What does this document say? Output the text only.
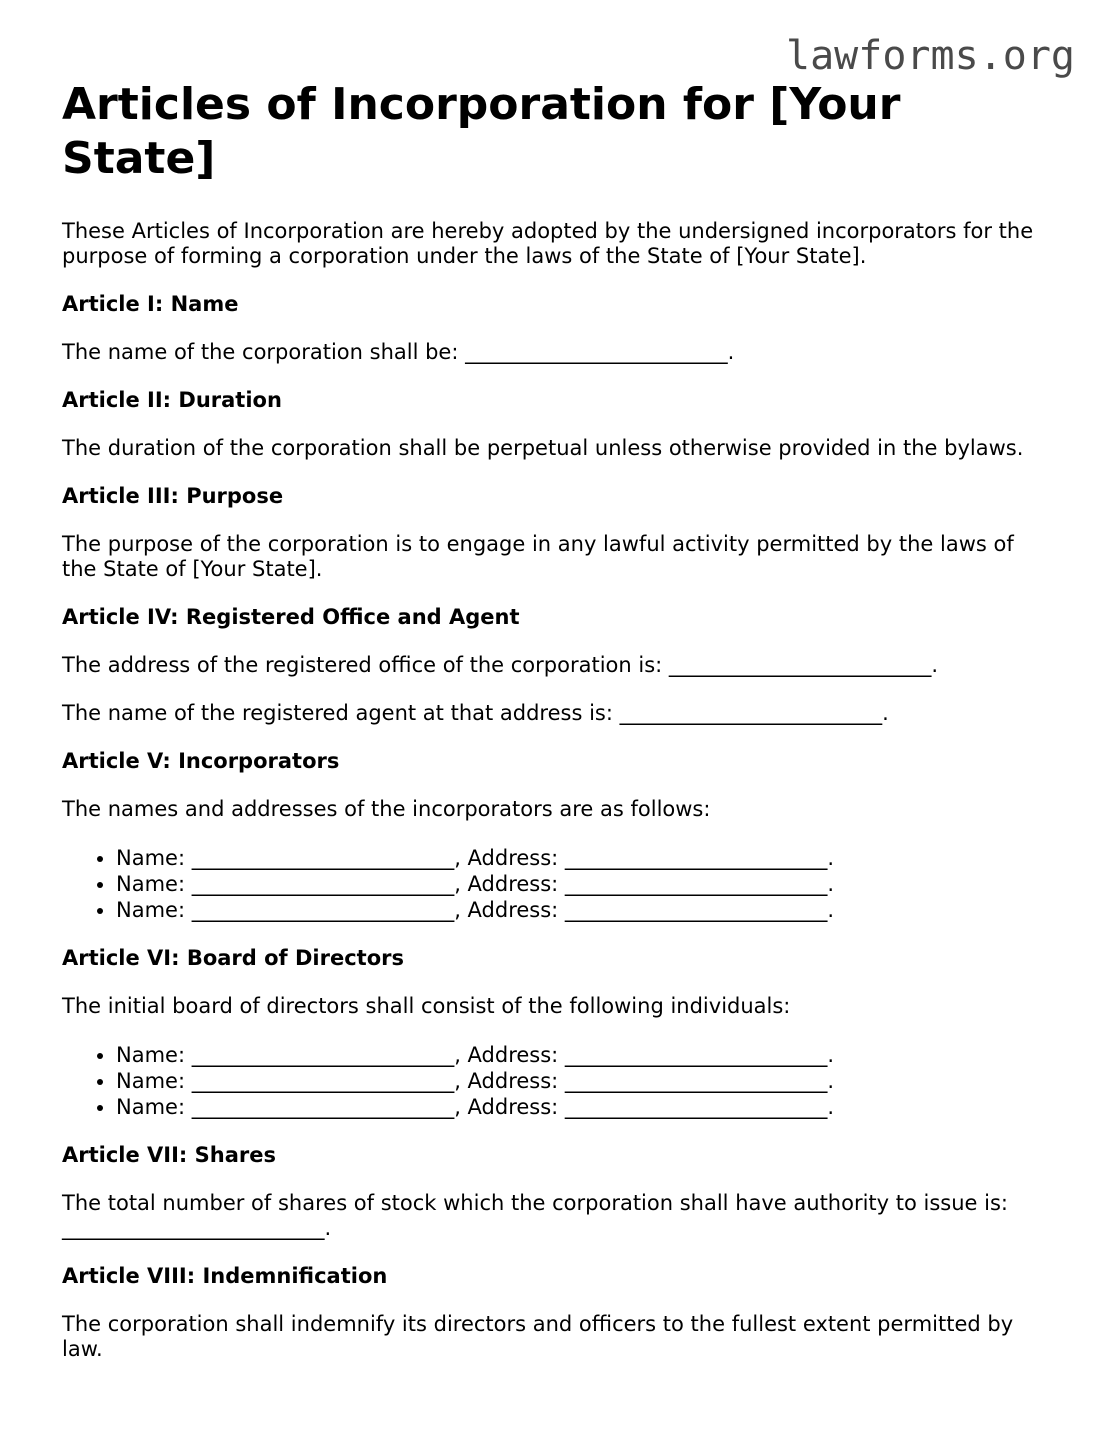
lawforms.org
Articles of Incorporation for [Your State]

These Articles of Incorporation are hereby adopted by the undersigned incorporators for the purpose of forming a corporation under the laws of the State of [Your State].

Article I: Name

The name of the corporation shall be: _________________________.

Article II: Duration

The duration of the corporation shall be perpetual unless otherwise provided in the bylaws.

Article III: Purpose

The purpose of the corporation is to engage in any lawful activity permitted by the laws of the State of [Your State].

Article IV: Registered Office and Agent

The address of the registered office of the corporation is: _________________________.

The name of the registered agent at that address is: _________________________.

Article V: Incorporators

The names and addresses of the incorporators are as follows:

• Name: _________________________, Address: _________________________.
• Name: _________________________, Address: _________________________.
• Name: _________________________, Address: _________________________.
Article VI: Board of Directors

The initial board of directors shall consist of the following individuals:

• Name: _________________________, Address: _________________________.
• Name: _________________________, Address: _________________________.
• Name: _________________________, Address: _________________________.
Article VII: Shares

The total number of shares of stock which the corporation shall have authority to issue is: _________________________.

Article VIII: Indemnification

The corporation shall indemnify its directors and officers to the fullest extent permitted by law.
